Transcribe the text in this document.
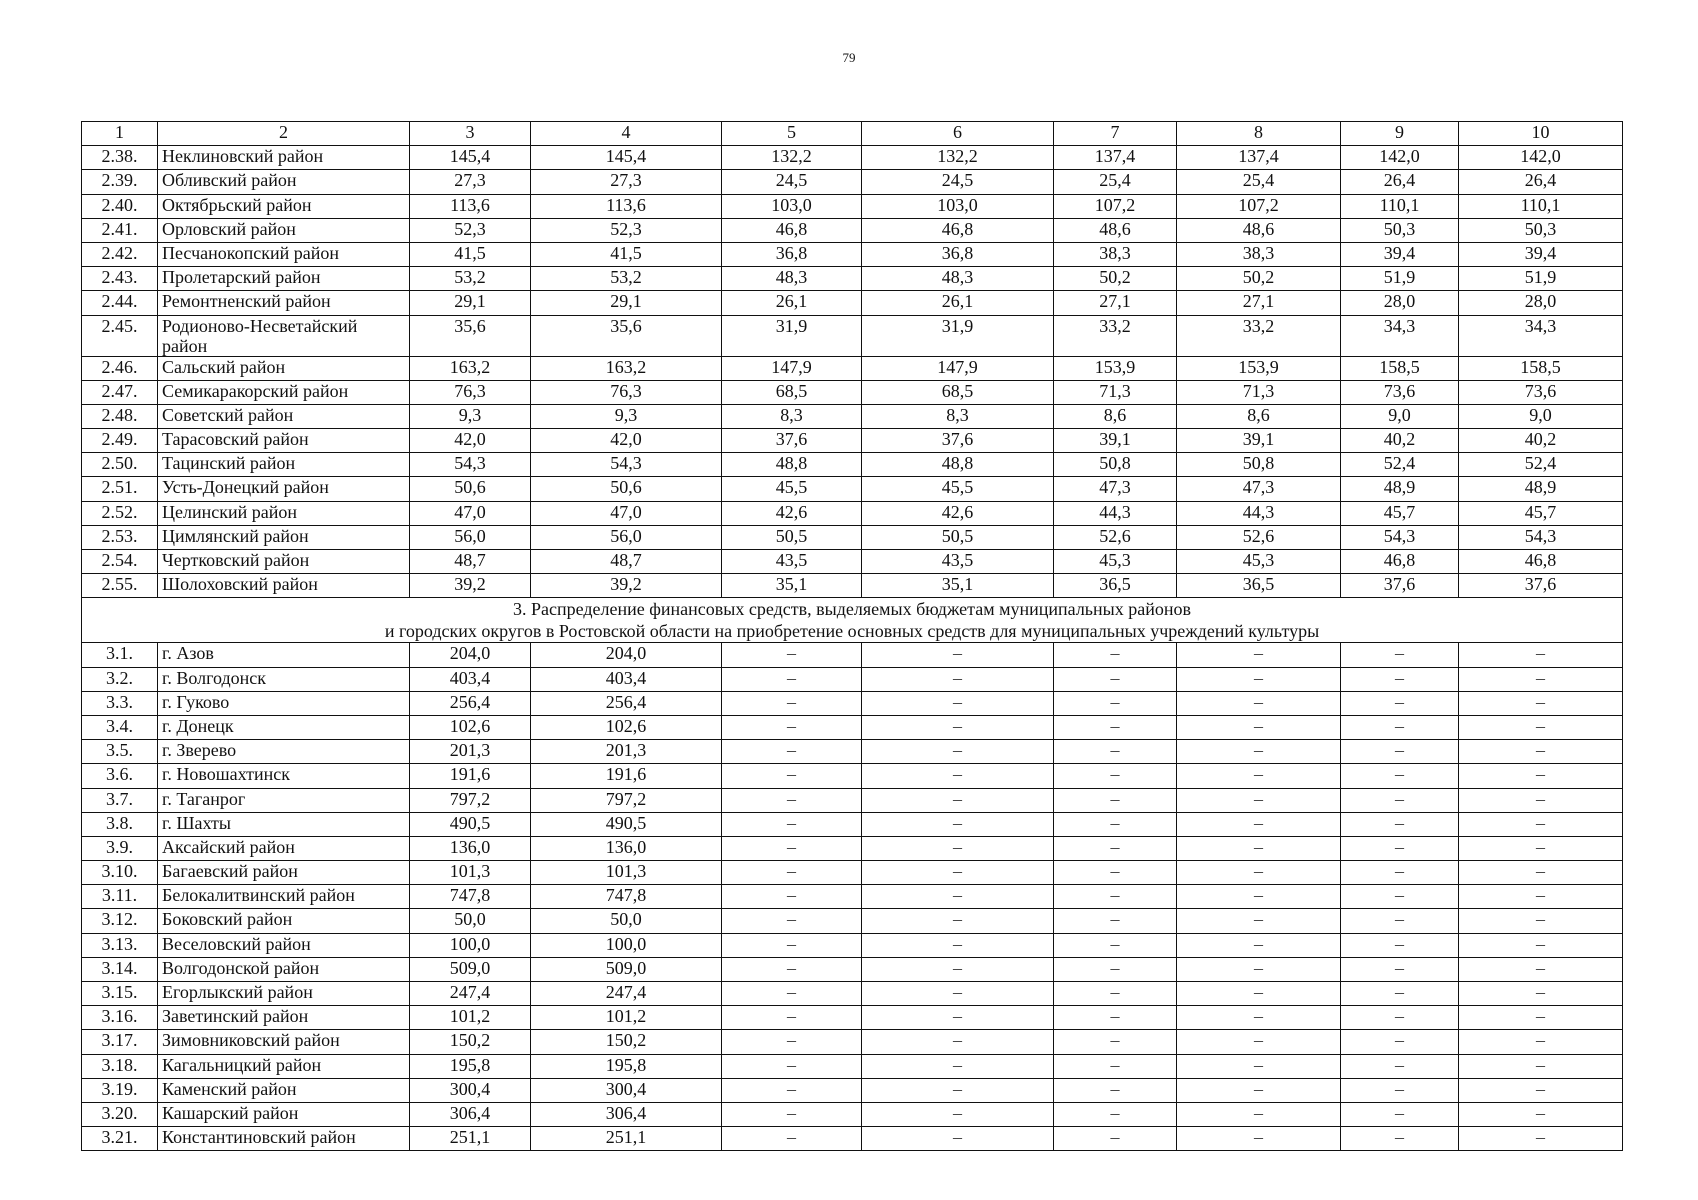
79
1	2	3	4	5	6	7	8	9	10
2.38.	Неклиновский район	145,4	145,4	132,2	132,2	137,4	137,4	142,0	142,0
2.39.	Обливский район	27,3	27,3	24,5	24,5	25,4	25,4	26,4	26,4
2.40.	Октябрьский район	113,6	113,6	103,0	103,0	107,2	107,2	110,1	110,1
2.41.	Орловский район	52,3	52,3	46,8	46,8	48,6	48,6	50,3	50,3
2.42.	Песчанокопский район	41,5	41,5	36,8	36,8	38,3	38,3	39,4	39,4
2.43.	Пролетарский район	53,2	53,2	48,3	48,3	50,2	50,2	51,9	51,9
2.44.	Ремонтненский район	29,1	29,1	26,1	26,1	27,1	27,1	28,0	28,0
2.45.	Родионово-Несветайский район	35,6	35,6	31,9	31,9	33,2	33,2	34,3	34,3
2.46.	Сальский район	163,2	163,2	147,9	147,9	153,9	153,9	158,5	158,5
2.47.	Семикаракорский район	76,3	76,3	68,5	68,5	71,3	71,3	73,6	73,6
2.48.	Советский район	9,3	9,3	8,3	8,3	8,6	8,6	9,0	9,0
2.49.	Тарасовский район	42,0	42,0	37,6	37,6	39,1	39,1	40,2	40,2
2.50.	Тацинский район	54,3	54,3	48,8	48,8	50,8	50,8	52,4	52,4
2.51.	Усть-Донецкий район	50,6	50,6	45,5	45,5	47,3	47,3	48,9	48,9
2.52.	Целинский район	47,0	47,0	42,6	42,6	44,3	44,3	45,7	45,7
2.53.	Цимлянский район	56,0	56,0	50,5	50,5	52,6	52,6	54,3	54,3
2.54.	Чертковский район	48,7	48,7	43,5	43,5	45,3	45,3	46,8	46,8
2.55.	Шолоховский район	39,2	39,2	35,1	35,1	36,5	36,5	37,6	37,6

3. Распределение финансовых средств, выделяемых бюджетам муниципальных районов
и городских округов в Ростовской области на приобретение основных средств для муниципальных учреждений культуры									

3.1.	г. Азов	204,0	204,0	–	–	–	–	–	–
3.2.	г. Волгодонск	403,4	403,4	–	–	–	–	–	–
3.3.	г. Гуково	256,4	256,4	–	–	–	–	–	–
3.4.	г. Донецк	102,6	102,6	–	–	–	–	–	–
3.5.	г. Зверево	201,3	201,3	–	–	–	–	–	–
3.6.	г. Новошахтинск	191,6	191,6	–	–	–	–	–	–
3.7.	г. Таганрог	797,2	797,2	–	–	–	–	–	–
3.8.	г. Шахты	490,5	490,5	–	–	–	–	–	–
3.9.	Аксайский район	136,0	136,0	–	–	–	–	–	–
3.10.	Багаевский район	101,3	101,3	–	–	–	–	–	–
3.11.	Белокалитвинский район	747,8	747,8	–	–	–	–	–	–
3.12.	Боковский район	50,0	50,0	–	–	–	–	–	–
3.13.	Веселовский район	100,0	100,0	–	–	–	–	–	–
3.14.	Волгодонской район	509,0	509,0	–	–	–	–	–	–
3.15.	Егорлыкский район	247,4	247,4	–	–	–	–	–	–
3.16.	Заветинский район	101,2	101,2	–	–	–	–	–	–
3.17.	Зимовниковский район	150,2	150,2	–	–	–	–	–	–
3.18.	Кагальницкий район	195,8	195,8	–	–	–	–	–	–
3.19.	Каменский район	300,4	300,4	–	–	–	–	–	–
3.20.	Кашарский район	306,4	306,4	–	–	–	–	–	–
3.21.	Константиновский район	251,1	251,1	–	–	–	–	–	–
